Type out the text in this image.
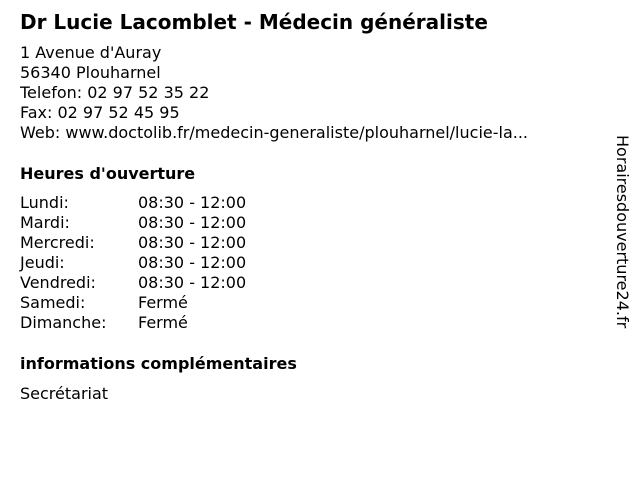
Dr Lucie Lacomblet - Médecin généraliste
1 Avenue d'Auray
56340 Plouharnel
Telefon: 02 97 52 35 22
Fax: 02 97 52 45 95
Web: www.doctolib.fr/medecin-generaliste/plouharnel/lucie-la...
Heures d'ouverture
Lundi:	08:30 - 12:00
Mardi:	08:30 - 12:00
Mercredi:	08:30 - 12:00
Jeudi:	08:30 - 12:00
Vendredi:	08:30 - 12:00
Samedi:	Fermé
Dimanche:	Fermé
informations complémentaires
Secrétariat
Horairesdouverture24.fr
